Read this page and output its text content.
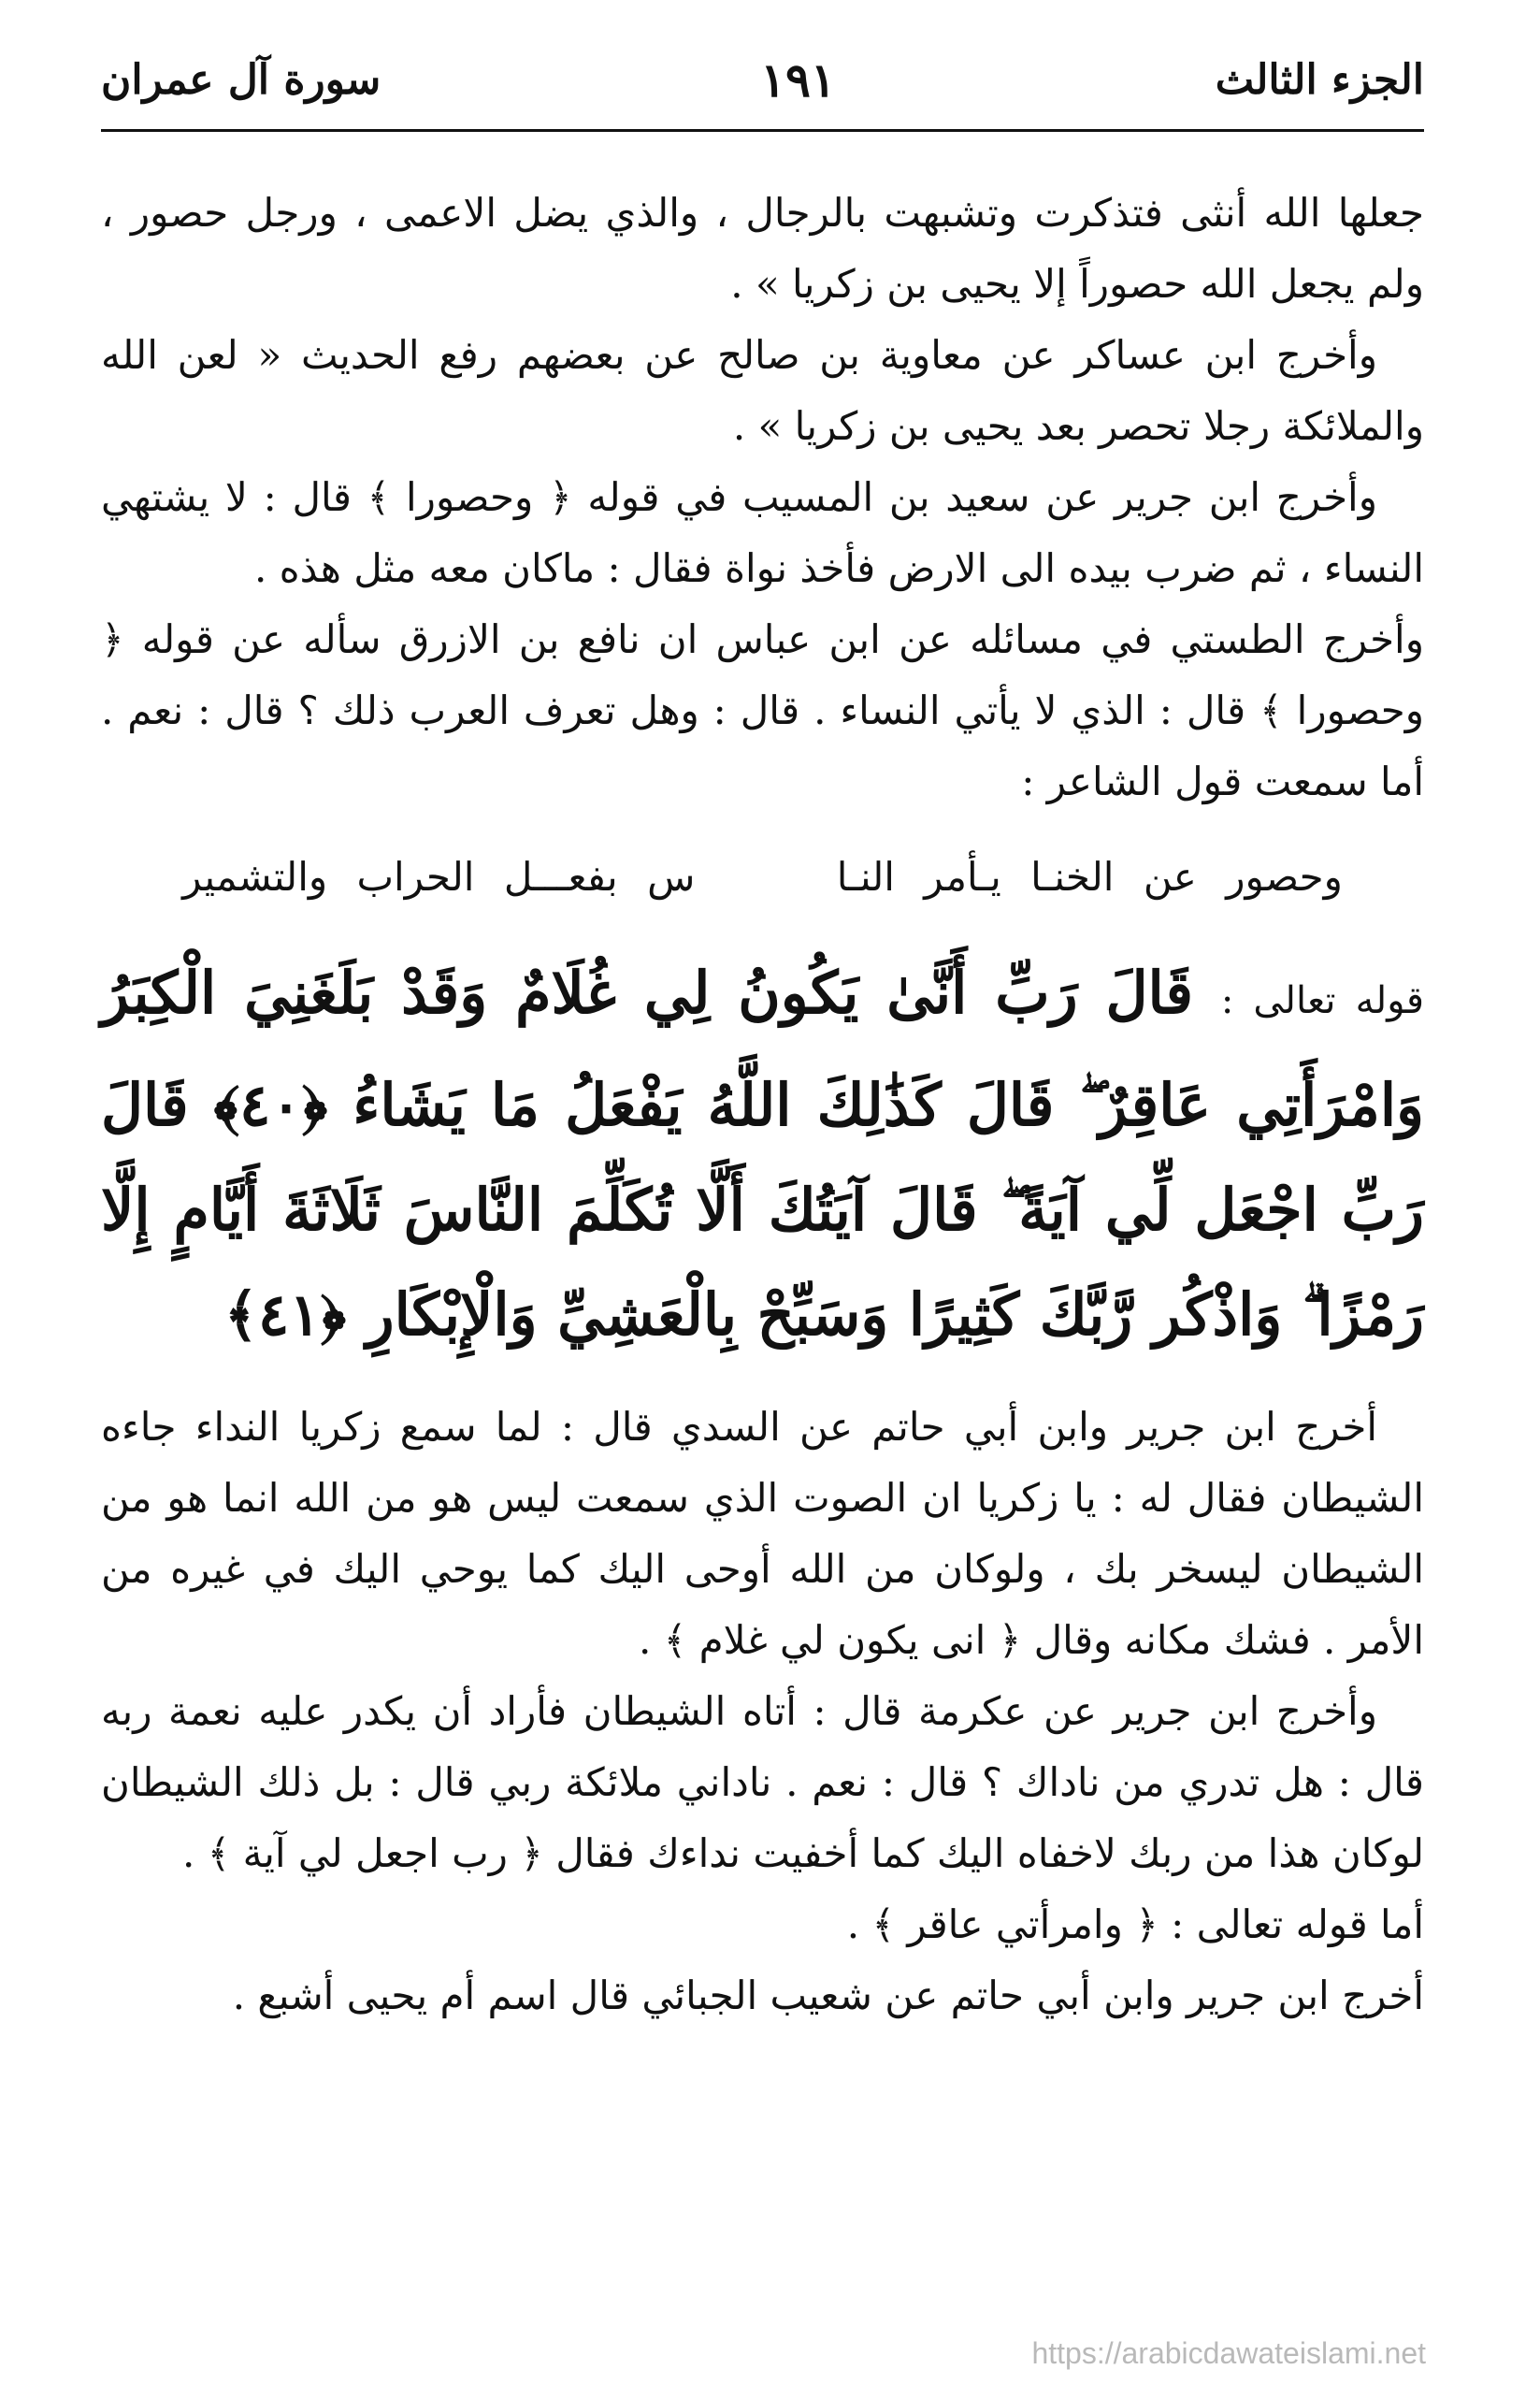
الجزء الثالث
١٩١
سورة آل عمران

جعلها الله أنثى فتذكرت وتشبهت بالرجال ، والذي يضل الاعمى ، ورجل حصور ، ولم يجعل الله حصوراً إلا يحيى بن زكريا » .

وأخرج ابن عساكر عن معاوية بن صالح عن بعضهم رفع الحديث « لعن الله والملائكة رجلا تحصر بعد يحيى بن زكريا » .

وأخرج ابن جرير عن سعيد بن المسيب في قوله ﴿ وحصورا ﴾ قال : لا يشتهي النساء ، ثم ضرب بيده الى الارض فأخذ نواة فقال : ماكان معه مثل هذه .

وأخرج الطستي في مسائله عن ابن عباس ان نافع بن الازرق سأله عن قوله ﴿ وحصورا ﴾ قال : الذي لا يأتي النساء . قال : وهل تعرف العرب ذلك ؟ قال : نعم . أما سمعت قول الشاعر :

وحصور عن الخنـا يـأمر النـا س بفعـــل الحراب والتشمير

قوله تعالى : قَالَ رَبِّ أَنَّىٰ يَكُونُ لِي غُلَامٌ وَقَدْ بَلَغَنِيَ الْكِبَرُ وَامْرَأَتِي عَاقِرٌ ۖ قَالَ كَذَٰلِكَ اللَّهُ يَفْعَلُ مَا يَشَاءُ ﴿٤٠﴾ قَالَ رَبِّ اجْعَل لِّي آيَةً ۖ قَالَ آيَتُكَ أَلَّا تُكَلِّمَ النَّاسَ ثَلَاثَةَ أَيَّامٍ إِلَّا رَمْزًا ۗ وَاذْكُر رَّبَّكَ كَثِيرًا وَسَبِّحْ بِالْعَشِيِّ وَالْإِبْكَارِ ﴿٤١﴾

أخرج ابن جرير وابن أبي حاتم عن السدي قال : لما سمع زكريا النداء جاءه الشيطان فقال له : يا زكريا ان الصوت الذي سمعت ليس هو من الله انما هو من الشيطان ليسخر بك ، ولوكان من الله أوحى اليك كما يوحي اليك في غيره من الأمر . فشك مكانه وقال ﴿ انى يكون لي غلام ﴾ .

وأخرج ابن جرير عن عكرمة قال : أتاه الشيطان فأراد أن يكدر عليه نعمة ربه قال : هل تدري من ناداك ؟ قال : نعم . ناداني ملائكة ربي قال : بل ذلك الشيطان لوكان هذا من ربك لاخفاه اليك كما أخفيت نداءك فقال ﴿ رب اجعل لي آية ﴾ .

أما قوله تعالى : ﴿ وامرأتي عاقر ﴾ .

أخرج ابن جرير وابن أبي حاتم عن شعيب الجبائي قال اسم أم يحيى أشبع .

https://arabicdawateislami.net
